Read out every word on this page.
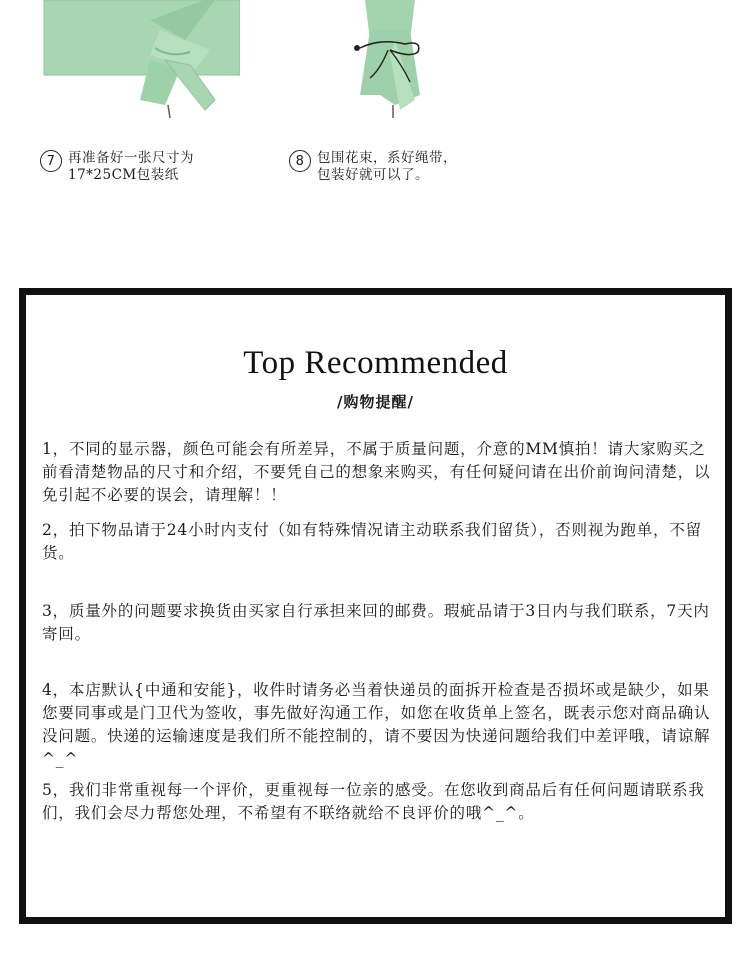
7 再准备好一张尺寸为
17*25CM包装纸
8 包围花束，系好绳带，
包装好就可以了。
Top Recommended
/购物提醒/
1，不同的显示器，颜色可能会有所差异，不属于质量问题，介意的MM慎拍！请大家购买之前看清楚物品的尺寸和介绍，不要凭自己的想象来购买，有任何疑问请在出价前询问清楚，以免引起不必要的误会，请理解！！
2，拍下物品请于24小时内支付（如有特殊情况请主动联系我们留货），否则视为跑单，不留货。
3，质量外的问题要求换货由买家自行承担来回的邮费。瑕疵品请于3日内与我们联系，7天内寄回。
4，本店默认{中通和安能}，收件时请务必当着快递员的面拆开检查是否损坏或是缺少，如果您要同事或是门卫代为签收，事先做好沟通工作，如您在收货单上签名，既表示您对商品确认没问题。快递的运输速度是我们所不能控制的，请不要因为快递问题给我们中差评哦，请谅解^_^
5，我们非常重视每一个评价，更重视每一位亲的感受。在您收到商品后有任何问题请联系我们，我们会尽力帮您处理，不希望有不联络就给不良评价的哦^_^。
